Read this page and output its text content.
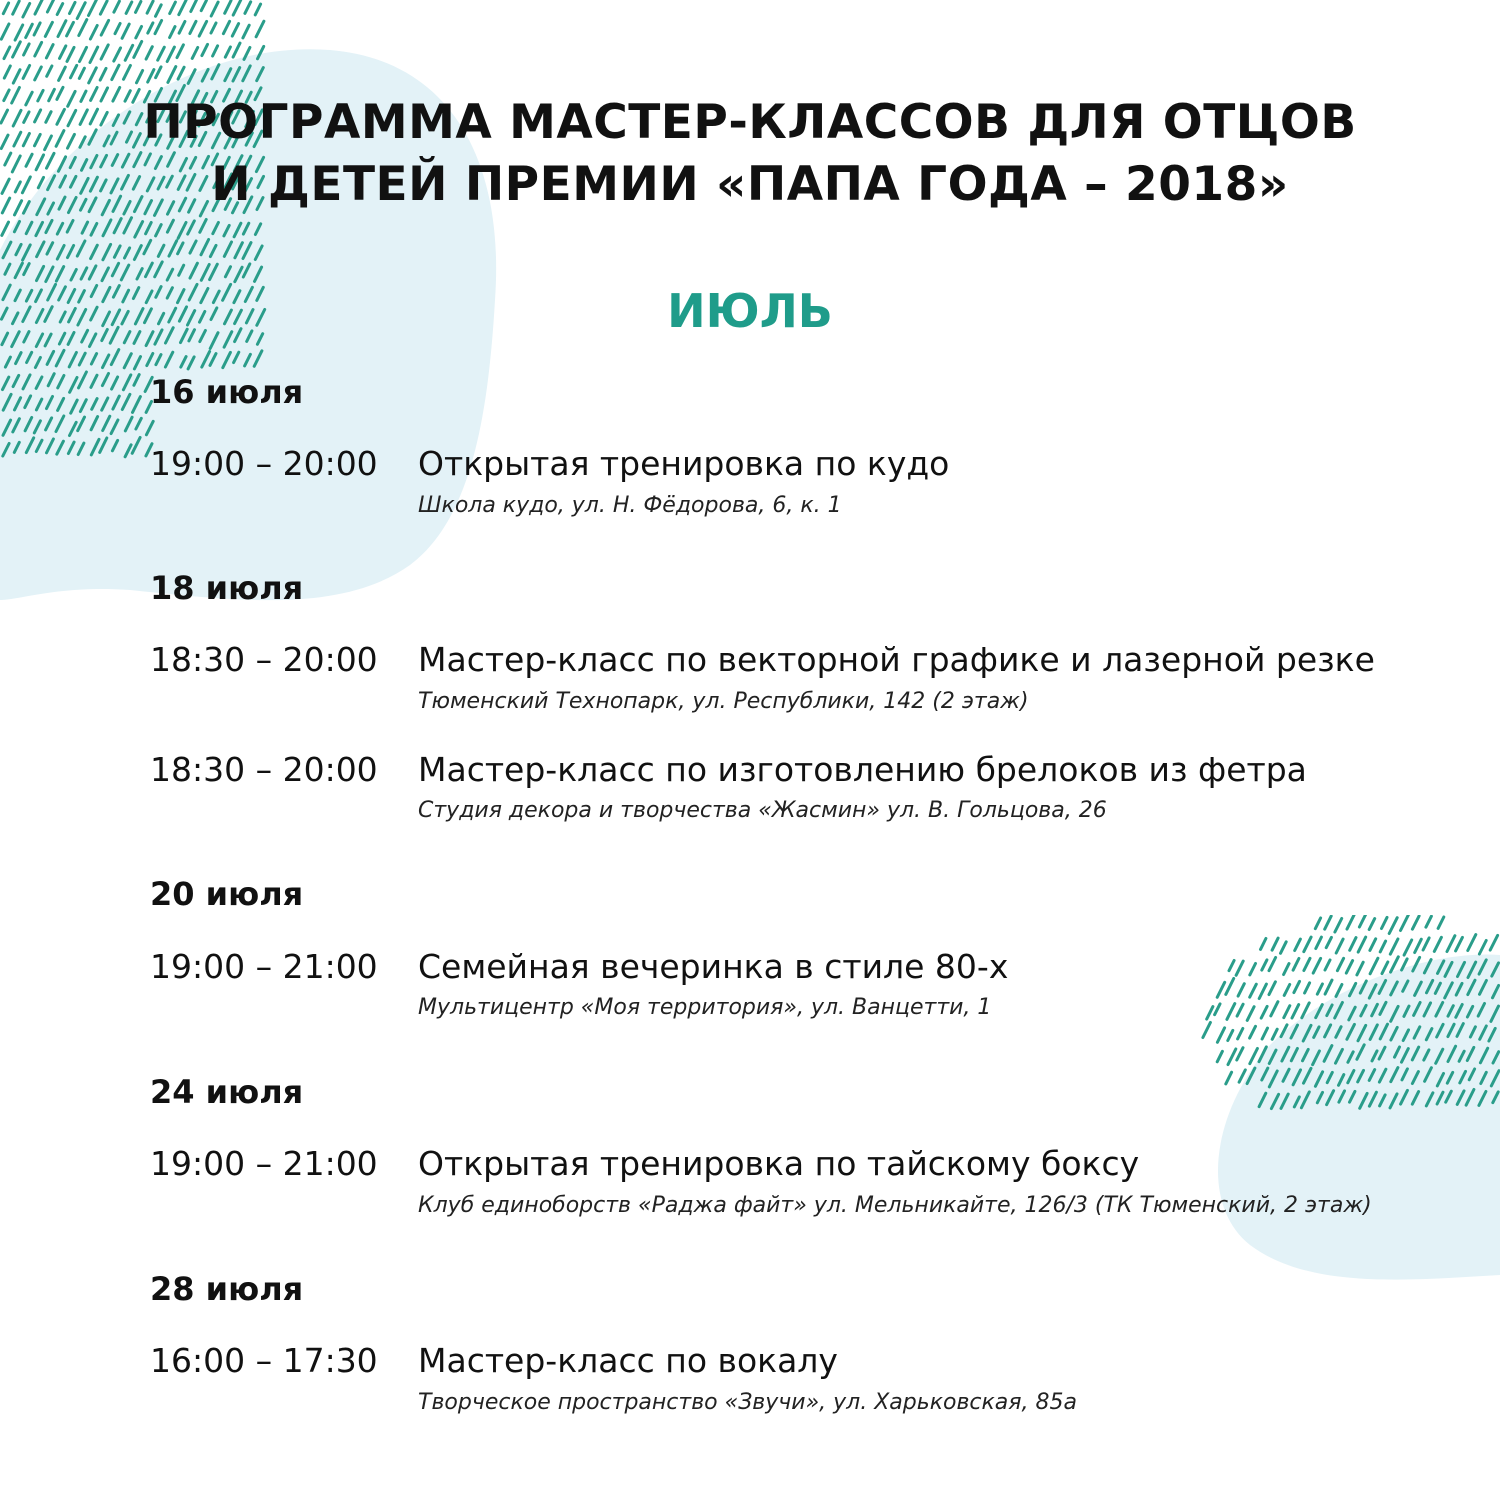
ПРОГРАММА МАСТЕР-КЛАССОВ ДЛЯ ОТЦОВ
И ДЕТЕЙ ПРЕМИИ «ПАПА ГОДА – 2018»
ИЮЛЬ
16 июля
19:00 – 20:00 Открытая тренировка по кудо
Школа кудо, ул. Н. Фёдорова, 6, к. 1
18 июля
18:30 – 20:00 Мастер-класс по векторной графике и лазерной резке
Тюменский Технопарк, ул. Республики, 142 (2 этаж)
18:30 – 20:00 Мастер-класс по изготовлению брелоков из фетра
Студия декора и творчества «Жасмин» ул. В. Гольцова, 26
20 июля
19:00 – 21:00 Семейная вечеринка в стиле 80-х
Мультицентр «Моя территория», ул. Ванцетти, 1
24 июля
19:00 – 21:00 Открытая тренировка по тайскому боксу
Клуб единоборств «Раджа файт» ул. Мельникайте, 126/3 (ТК Тюменский, 2 этаж)
28 июля
16:00 – 17:30 Мастер-класс по вокалу
Творческое пространство «Звучи», ул. Харьковская, 85а
